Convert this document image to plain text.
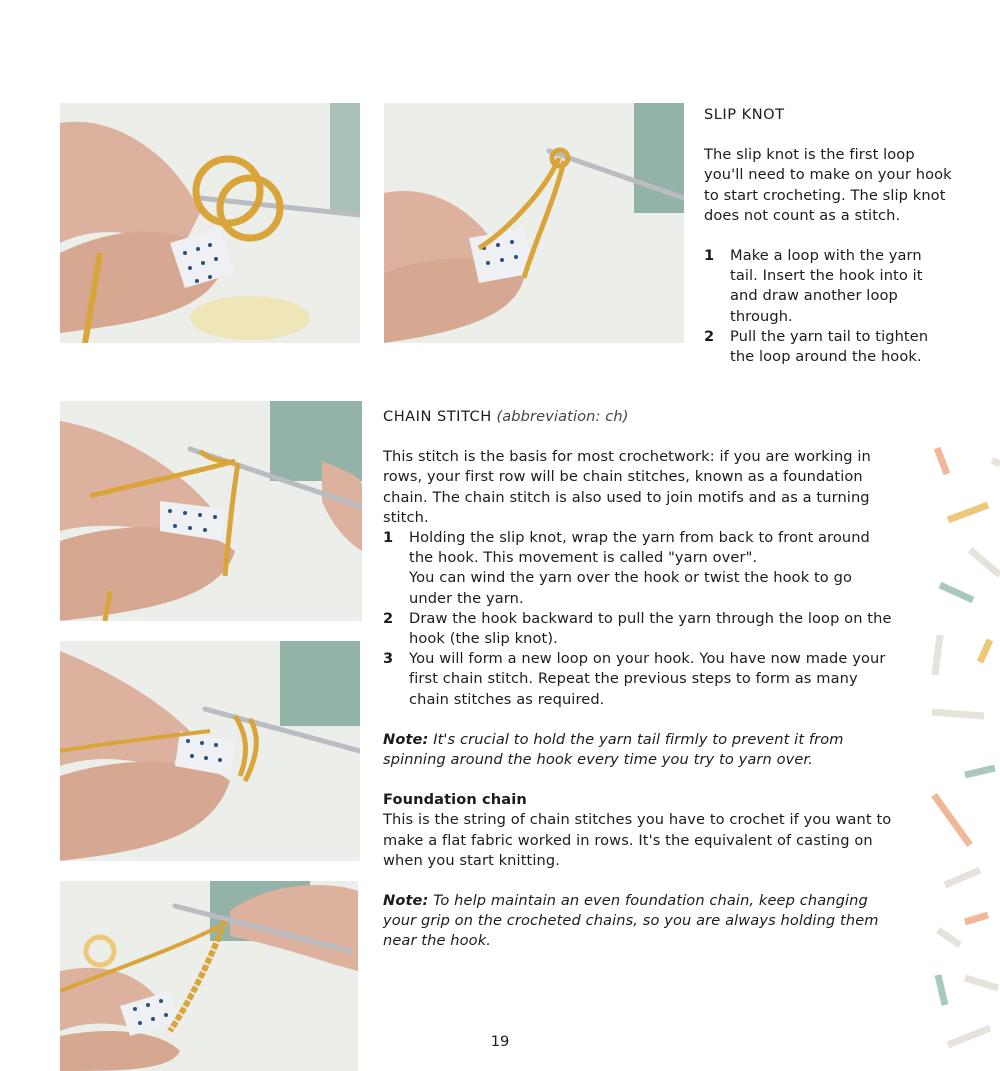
SLIP KNOT
The slip knot is the first loop you'll need to make on your hook to start crocheting. The slip knot does not count as a stitch.
1 Make a loop with the yarn tail. Insert the hook into it and draw another loop through.
2 Pull the yarn tail to tighten the loop around the hook.
CHAIN STITCH (abbreviation: ch)
This stitch is the basis for most crochetwork: if you are working in rows, your first row will be chain stitches, known as a foundation chain. The chain stitch is also used to join motifs and as a turning stitch.
1 Holding the slip knot, wrap the yarn from back to front around the hook. This movement is called "yarn over".
You can wind the yarn over the hook or twist the hook to go under the yarn.
2 Draw the hook backward to pull the yarn through the loop on the hook (the slip knot).
3 You will form a new loop on your hook. You have now made your first chain stitch. Repeat the previous steps to form as many chain stitches as required.
Note: It's crucial to hold the yarn tail firmly to prevent it from spinning around the hook every time you try to yarn over.
Foundation chain
This is the string of chain stitches you have to crochet if you want to make a flat fabric worked in rows. It's the equivalent of casting on when you start knitting.
Note: To help maintain an even foundation chain, keep changing your grip on the crocheted chains, so you are always holding them near the hook.
19
